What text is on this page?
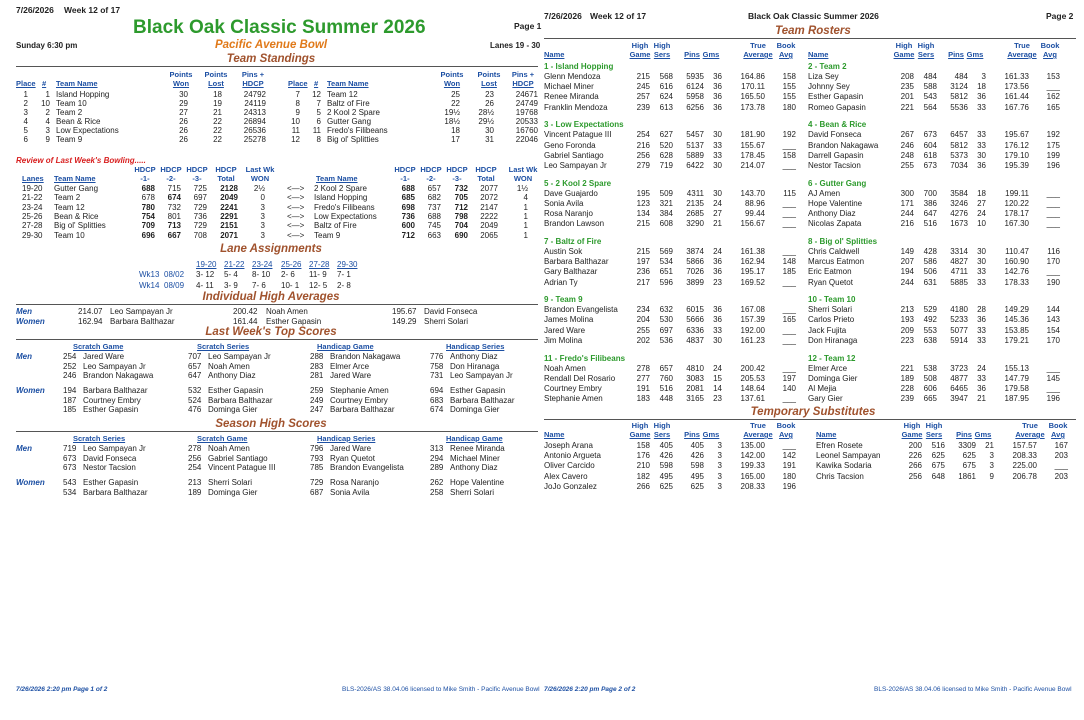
7/26/2026 Week 12 of 17
Black Oak Classic Summer 2026	Page 1
Sunday 6:30 pm	Pacific Avenue Bowl	Lanes 19 - 30
Team Standings
Points	Points	Pins +
Won	Lost	HDCP
Place # Team Name
Points	Points	Pins +
Won	Lost	HDCP
Place # Team Name
1	1 Island Hopping	30	18	24792
2	10 Team 10	29	19	24119
3	2 Team 2	27	21	24313
4	4 Bean & Rice	26	22	26894
5	3 Low Expectations	26	22	26536
6	9 Team 9	26	22	25278
7	12 Team 12	25	23	24671
8	7 Baltz of Fire	22	26	24749
9	5 2 Kool 2 Spare	19½	28½	19768
10	6 Gutter Gang	18½	29½	20533
11	11 Fredo's Filibeans	18	30	16760
12	8 Big ol' Splitties	17	31	22046
Review of Last Week's Bowling.....
HDCP HDCP HDCP HDCP Last Wk
-1-	-2-	-3-	Total	WON
Lanes Team Name	Team Name
HDCP HDCP HDCP HDCP Last Wk
-1-	-2-	-3-	Total	WON
19-20 Gutter Gang	688	715	725	2128	2½	<—> 2 Kool 2 Spare	688	657	732	2077	1½
21-22 Team 2	678	674	697	2049	0	<—> Island Hopping	685	682	705	2072	4
23-24 Team 12	780	732	729	2241	3	<—> Fredo's Filibeans	698	737	712	2147	1
25-26 Bean & Rice	754	801	736	2291	3	<—> Low Expectations	736	688	798	2222	1
27-28 Big ol' Splitties	709	713	729	2151	3	<—> Baltz of Fire	600	745	704	2049	1
29-30 Team 10	696	667	708	2071	3	<—> Team 9	712	663	690	2065	1
Lane Assignments
19-20 21-22 23-24 25-26 27-28 29-30
Wk13 08/02 3- 12 5- 4 8- 10 2- 6 11- 9 7- 1
Wk14 08/09 4- 11 3- 9 7- 6 10- 1 12- 5 2- 8
Individual High Averages
Men	214.07 Leo Sampayan Jr	200.42 Noah Amen	195.67 David Fonseca
Women	162.94 Barbara Balthazar	161.44 Esther Gapasin	149.29 Sherri Solari
Last Week's Top Scores
Scratch Game	Scratch Series	Handicap Game	Handicap Series
Men	254 Jared Ware	707 Leo Sampayan Jr	288 Brandon Nakagawa	776 Anthony Diaz
252 Leo Sampayan Jr	657 Noah Amen	283 Elmer Arce	758 Don Hiranaga
246 Brandon Nakagawa	647 Anthony Diaz	281 Jared Ware	731 Leo Sampayan Jr
Women 194 Barbara Balthazar	532 Esther Gapasin	259 Stephanie Amen	694 Esther Gapasin
187 Courtney Embry	524 Barbara Balthazar	249 Courtney Embry	683 Barbara Balthazar
185 Esther Gapasin	476 Dominga Gier	247 Barbara Balthazar	674 Dominga Gier
Season High Scores
Scratch Series	Scratch Game	Handicap Series	Handicap Game
Men	719 Leo Sampayan Jr	278 Noah Amen	796 Jared Ware	313 Renee Miranda
673 David Fonseca	256 Gabriel Santiago	793 Ryan Quetot	294 Michael Miner
673 Nestor Tacsion	254 Vincent Patague III	785 Brandon Evangelista	289 Anthony Diaz
Women 543 Esther Gapasin	213 Sherri Solari	729 Rosa Naranjo	262 Hope Valentine
534 Barbara Balthazar	189 Dominga Gier	687 Sonia Avila	258 Sherri Solari
7/26/2026 2:20 pm Page 1 of 2	BLS-2026/AS 38.04.06 licensed to Mike Smith - Pacific Avenue Bowl
7/26/2026 Week 12 of 17	Black Oak Classic Summer 2026	Page 2
Team Rosters
Name
High
Game
High
Sers	Pins Gms
True
Average
Book
Avg	Name
High
Game
High
Sers	Pins Gms
True
Average
Book
Avg
1 - Island Hopping
Glenn Mendoza	215	568	5935	36	164.86	158
Michael Miner	245	616	6124	36	170.11	155
Renee Miranda	257	624	5958	36	165.50	155
Franklin Mendoza	239	613	6256	36	173.78	180
3 - Low Expectations
Vincent Patague III	254	627	5457	30	181.90	192
Geno Foronda	216	520	5137	33	155.67	___
Gabriel Santiago	256	628	5889	33	178.45	158
Leo Sampayan Jr	279	719	6422	30	214.07	___
5 - 2 Kool 2 Spare
Dave Guajardo	195	509	4311	30	143.70	115
Sonia Avila	123	321	2135	24	88.96	___
Rosa Naranjo	134	384	2685	27	99.44	___
Brandon Lawson	215	608	3290	21	156.67	___
7 - Baltz of Fire
Austin Sok	215	569	3874	24	161.38	___
Barbara Balthazar	197	534	5866	36	162.94	148
Gary Balthazar	236	651	7026	36	195.17	185
Adrian Ty	217	596	3899	23	169.52	___
9 - Team 9
Brandon Evangelista	234	632	6015	36	167.08	___
James Molina	204	530	5666	36	157.39	165
Jared Ware	255	697	6336	33	192.00	___
Jim Molina	202	536	4837	30	161.23	___
11 - Fredo's Filibeans
Noah Amen	278	657	4810	24	200.42	___
Rendall Del Rosario	277	760	3083	15	205.53	197
Courtney Embry	191	516	2081	14	148.64	140
Stephanie Amen	183	448	3165	23	137.61	___
2 - Team 2
Liza Sey	208	484	484	3	161.33	153
Johnny Sey	235	588	3124	18	173.56	___
Esther Gapasin	201	543	5812	36	161.44	162
Romeo Gapasin	221	564	5536	33	167.76	165
4 - Bean & Rice
David Fonseca	267	673	6457	33	195.67	192
Brandon Nakagawa	246	604	5812	33	176.12	175
Darrell Gapasin	248	618	5373	30	179.10	199
Nestor Tacsion	255	673	7034	36	195.39	196
6 - Gutter Gang
AJ Amen	300	700	3584	18	199.11	___
Hope Valentine	171	386	3246	27	120.22	___
Anthony Diaz	244	647	4276	24	178.17	___
Nicolas Zapata	216	516	1673	10	167.30	___
8 - Big ol' Splitties
Chris Caldwell	149	428	3314	30	110.47	116
Marcus Eatmon	207	586	4827	30	160.90	170
Eric Eatmon	194	506	4711	33	142.76	___
Ryan Quetot	244	631	5885	33	178.33	190
10 - Team 10
Sherri Solari	213	529	4180	28	149.29	144
Carlos Prieto	193	492	5233	36	145.36	143
Jack Fujita	209	553	5077	33	153.85	154
Don Hiranaga	223	638	5914	33	179.21	170
12 - Team 12
Elmer Arce	221	538	3723	24	155.13	___
Dominga Gier	189	508	4877	33	147.79	145
Al Mejia	228	606	6465	36	179.58	___
Gary Gier	239	665	3947	21	187.95	196
Temporary Substitutes
Name
High
Game
High
Sers	Pins Gms
True
Average
Book
Avg	Name
High
Game
High
Sers	Pins Gms
True
Average
Book
Avg
Joseph Arana	158	405	405	3	135.00	___
Antonio Argueta	176	426	426	3	142.00	142
Oliver Carcido	210	598	598	3	199.33	191
Alex Cavero	182	495	495	3	165.00	180
JoJo Gonzalez	266	625	625	3	208.33	196
Efren Rosete	200	516	3309	21	157.57	167
Leonel Sampayan	226	625	625	3	208.33	203
Kawika Sodaria	266	675	675	3	225.00	___
Chris Tacsion	256	648	1861	9	206.78	203
7/26/2026 2:20 pm Page 2 of 2	BLS-2026/AS 38.04.06 licensed to Mike Smith - Pacific Avenue Bowl
